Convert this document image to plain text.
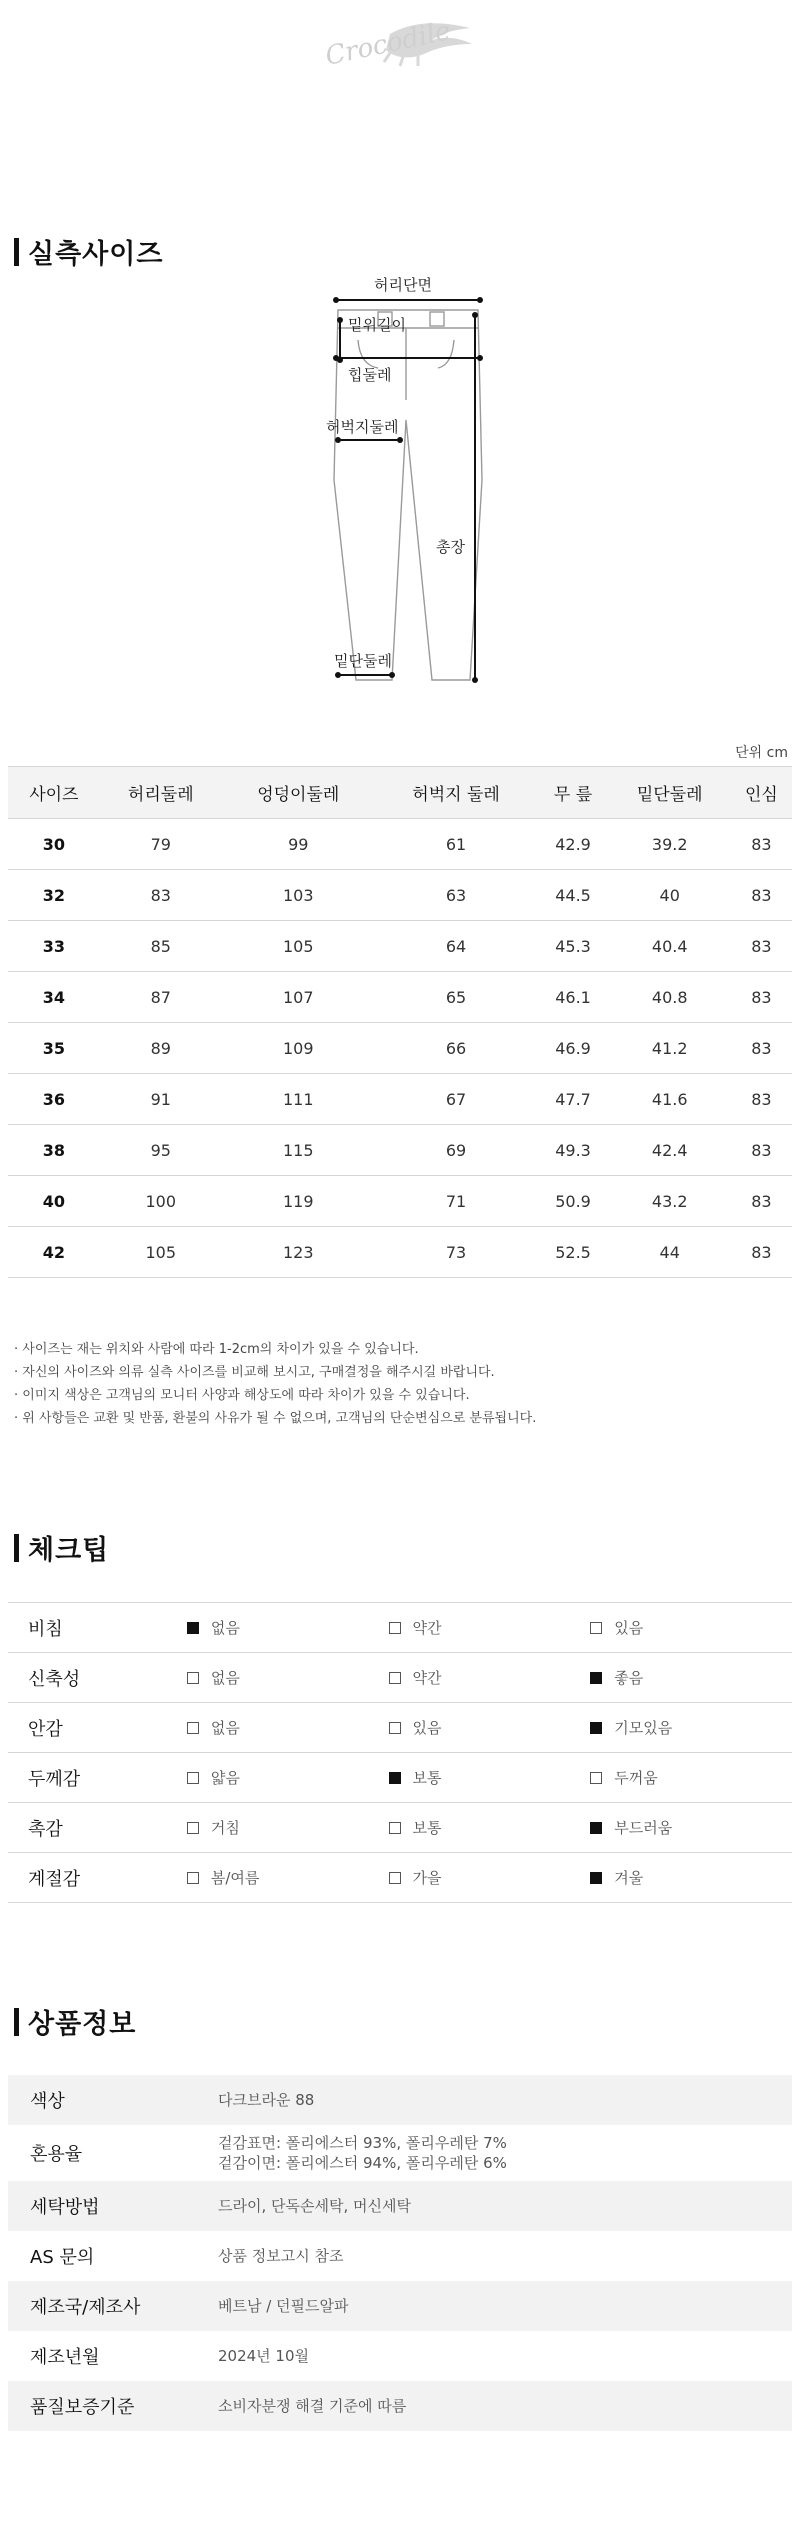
Crocodile
실측사이즈
허리단면
밑위길이
힙둘레
허벅지둘레
총장
밑단둘레
단위 cm
사이즈	허리둘레	엉덩이둘레	허벅지 둘레	무 릎	밑단둘레	인심
30	79	99	61	42.9	39.2	83
32	83	103	63	44.5	40	83
33	85	105	64	45.3	40.4	83
34	87	107	65	46.1	40.8	83
35	89	109	66	46.9	41.2	83
36	91	111	67	47.7	41.6	83
38	95	115	69	49.3	42.4	83
40	100	119	71	50.9	43.2	83
42	105	123	73	52.5	44	83
· 사이즈는 재는 위치와 사람에 따라 1-2cm의 차이가 있을 수 있습니다.
· 자신의 사이즈와 의류 실측 사이즈를 비교해 보시고, 구매결정을 해주시길 바랍니다.
· 이미지 색상은 고객님의 모니터 사양과 해상도에 따라 차이가 있을 수 있습니다.
· 위 사항들은 교환 및 반품, 환불의 사유가 될 수 없으며, 고객님의 단순변심으로 분류됩니다.
체크팁
비침	없음	약간	있음
신축성	없음	약간	좋음
안감	없음	있음	기모있음
두께감	얇음	보통	두꺼움
촉감	거침	보통	부드러움
계절감	봄/여름	가을	겨울
상품정보
색상	다크브라운 88

혼용율	겉감표면: 폴리에스터 93%, 폴리우레탄 7%
겉감이면: 폴리에스터 94%, 폴리우레탄 6%

세탁방법	드라이, 단독손세탁, 머신세탁

AS 문의	상품 정보고시 참조

제조국/제조사	베트남 / 던필드알파

제조년월	2024년 10월

품질보증기준	소비자분쟁 해결 기준에 따름
